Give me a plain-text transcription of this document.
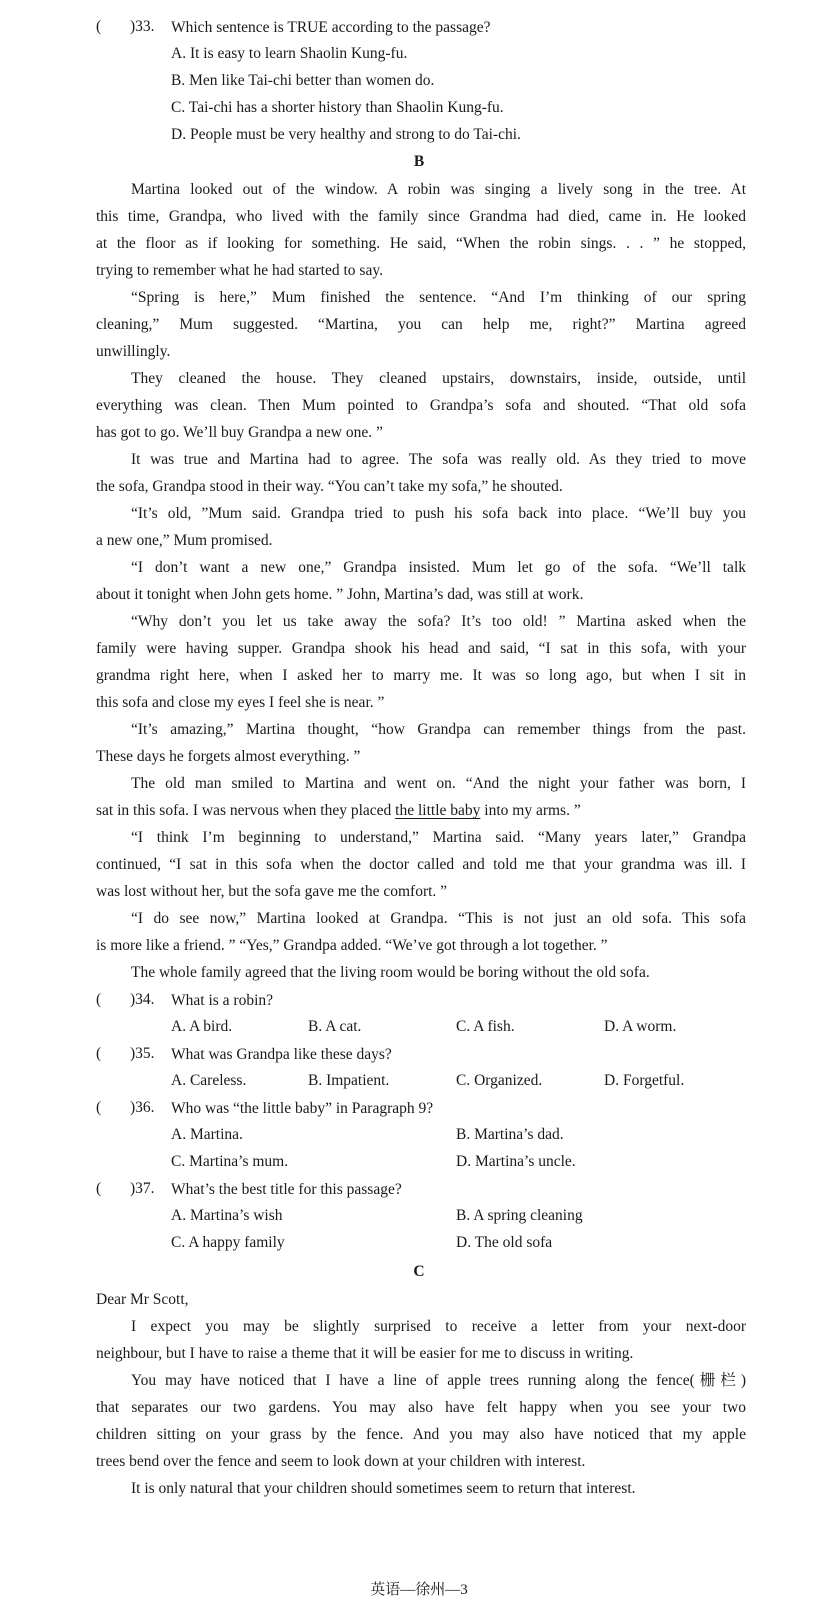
( )33. Which sentence is TRUE according to the passage?
A. It is easy to learn Shaolin Kung-fu.
B. Men like Tai-chi better than women do.
C. Tai-chi has a shorter history than Shaolin Kung-fu.
D. People must be very healthy and strong to do Tai-chi.
B
Martina looked out of the window. A robin was singing a lively song in the tree. At
this time, Grandpa, who lived with the family since Grandma had died, came in. He looked
at the floor as if looking for something. He said, “When the robin sings. . . ” he stopped,
trying to remember what he had started to say.
“Spring is here,” Mum finished the sentence. “And I’m thinking of our spring
cleaning,” Mum suggested. “Martina, you can help me, right?” Martina agreed
unwillingly.
They cleaned the house. They cleaned upstairs, downstairs, inside, outside, until
everything was clean. Then Mum pointed to Grandpa’s sofa and shouted. “That old sofa
has got to go. We’ll buy Grandpa a new one. ”
It was true and Martina had to agree. The sofa was really old. As they tried to move
the sofa, Grandpa stood in their way. “You can’t take my sofa,” he shouted.
“It’s old, ”Mum said. Grandpa tried to push his sofa back into place. “We’ll buy you
a new one,” Mum promised.
“I don’t want a new one,” Grandpa insisted. Mum let go of the sofa. “We’ll talk
about it tonight when John gets home. ” John, Martina’s dad, was still at work.
“Why don’t you let us take away the sofa? It’s too old! ” Martina asked when the
family were having supper. Grandpa shook his head and said, “I sat in this sofa, with your
grandma right here, when I asked her to marry me. It was so long ago, but when I sit in
this sofa and close my eyes I feel she is near. ”
“It’s amazing,” Martina thought, “how Grandpa can remember things from the past.
These days he forgets almost everything. ”
The old man smiled to Martina and went on. “And the night your father was born, I
sat in this sofa. I was nervous when they placed the little baby into my arms. ”
“I think I’m beginning to understand,” Martina said. “Many years later,” Grandpa
continued, “I sat in this sofa when the doctor called and told me that your grandma was ill. I
was lost without her, but the sofa gave me the comfort. ”
“I do see now,” Martina looked at Grandpa. “This is not just an old sofa. This sofa
is more like a friend. ” “Yes,” Grandpa added. “We’ve got through a lot together. ”
The whole family agreed that the living room would be boring without the old sofa.
( )34. What is a robin?
A. A bird.	B. A cat.	C. A fish.	D. A worm.
( )35. What was Grandpa like these days?
A. Careless.	B. Impatient.	C. Organized.	D. Forgetful.
( )36. Who was “the little baby” in Paragraph 9?
A. Martina.	B. Martina’s dad.
C. Martina’s mum.	D. Martina’s uncle.
( )37. What’s the best title for this passage?
A. Martina’s wish	B. A spring cleaning
C. A happy family	D. The old sofa
C
Dear Mr Scott,
I expect you may be slightly surprised to receive a letter from your next-door
neighbour, but I have to raise a theme that it will be easier for me to discuss in writing.
You may have noticed that I have a line of apple trees running along the fence(栅栏)
that separates our two gardens. You may also have felt happy when you see your two
children sitting on your grass by the fence. And you may also have noticed that my apple
trees bend over the fence and seem to look down at your children with interest.
It is only natural that your children should sometimes seem to return that interest.
英语—徐州—3
